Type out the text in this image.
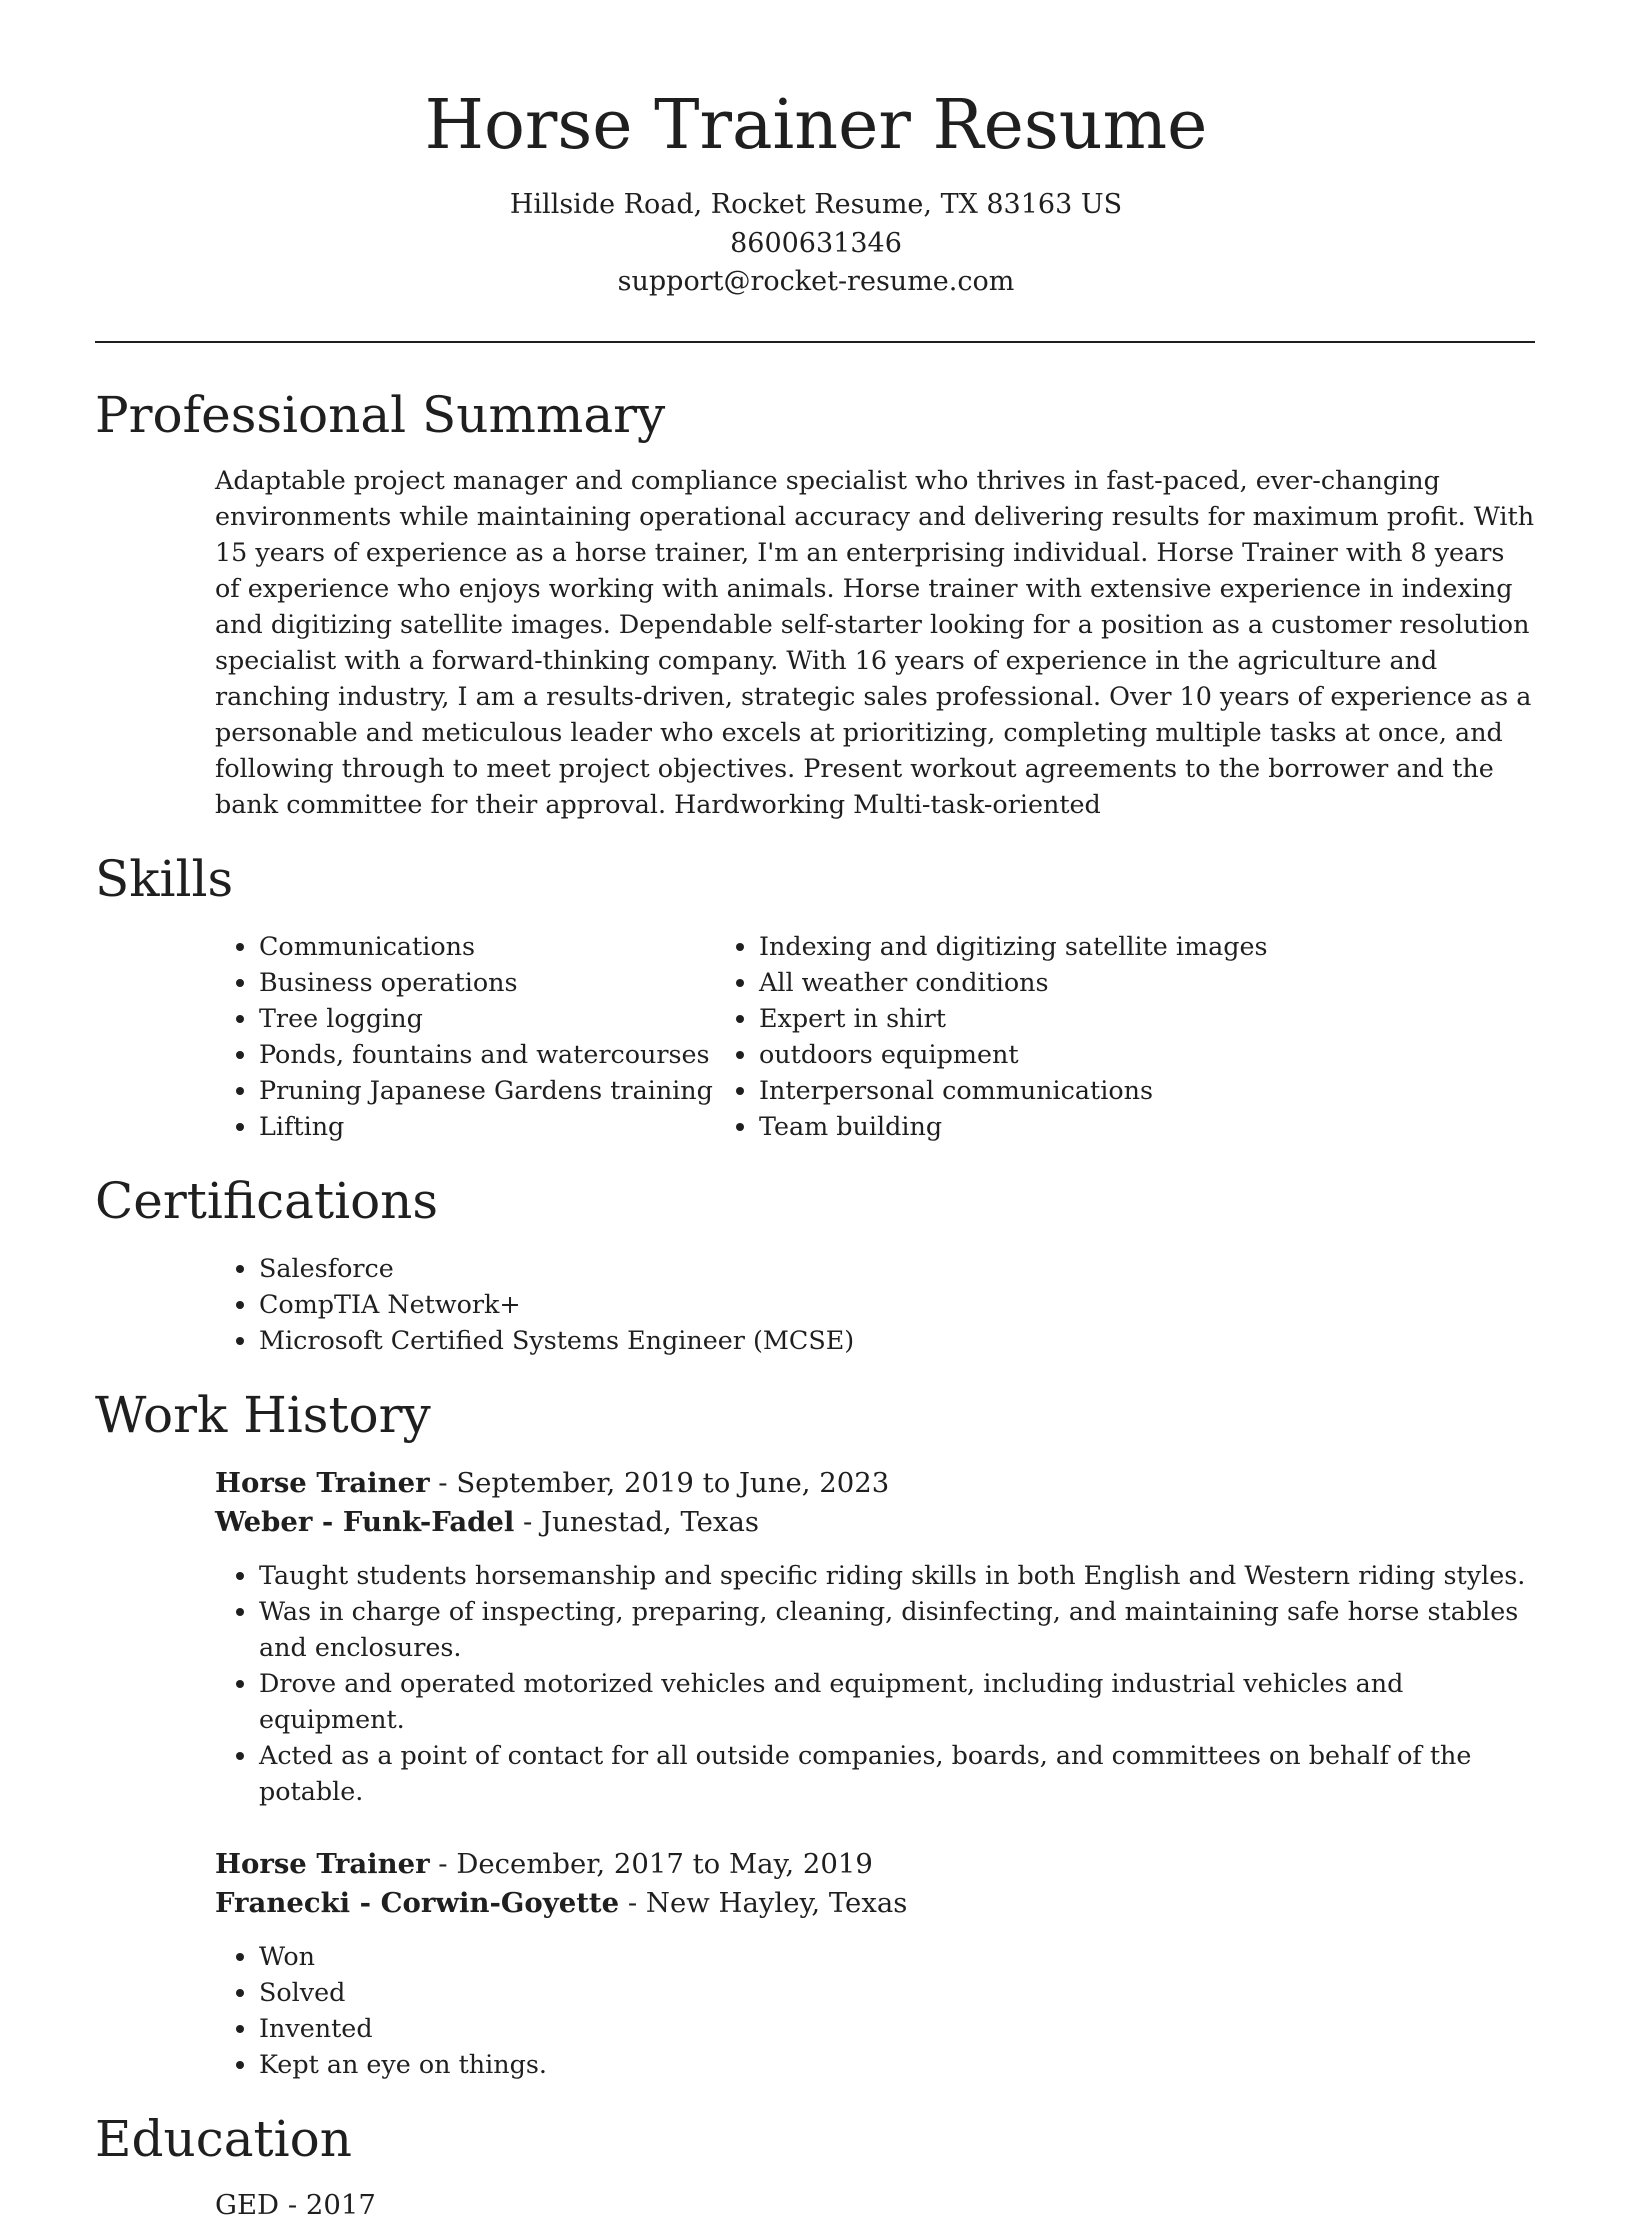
Horse Trainer Resume
Hillside Road, Rocket Resume, TX 83163 US
8600631346
support@rocket-resume.com
Professional Summary
Adaptable project manager and compliance specialist who thrives in fast-paced, ever-changing environments while maintaining operational accuracy and delivering results for maximum profit. With 15 years of experience as a horse trainer, I'm an enterprising individual. Horse Trainer with 8 years of experience who enjoys working with animals. Horse trainer with extensive experience in indexing and digitizing satellite images. Dependable self-starter looking for a position as a customer resolution specialist with a forward-thinking company. With 16 years of experience in the agriculture and ranching industry, I am a results-driven, strategic sales professional. Over 10 years of experience as a personable and meticulous leader who excels at prioritizing, completing multiple tasks at once, and following through to meet project objectives. Present workout agreements to the borrower and the bank committee for their approval. Hardworking Multi-task-oriented
Skills
• Communications
• Business operations
• Tree logging
• Ponds, fountains and watercourses
• Pruning Japanese Gardens training
• Lifting
• Indexing and digitizing satellite images
• All weather conditions
• Expert in shirt
• outdoors equipment
• Interpersonal communications
• Team building
Certifications
• Salesforce
• CompTIA Network+
• Microsoft Certified Systems Engineer (MCSE)
Work History
Horse Trainer - September, 2019 to June, 2023
Weber - Funk-Fadel - Junestad, Texas
• Taught students horsemanship and specific riding skills in both English and Western riding styles.
• Was in charge of inspecting, preparing, cleaning, disinfecting, and maintaining safe horse stables and enclosures.
• Drove and operated motorized vehicles and equipment, including industrial vehicles and equipment.
• Acted as a point of contact for all outside companies, boards, and committees on behalf of the potable.
Horse Trainer - December, 2017 to May, 2019
Franecki - Corwin-Goyette - New Hayley, Texas
• Won
• Solved
• Invented
• Kept an eye on things.
Education
GED - 2017
